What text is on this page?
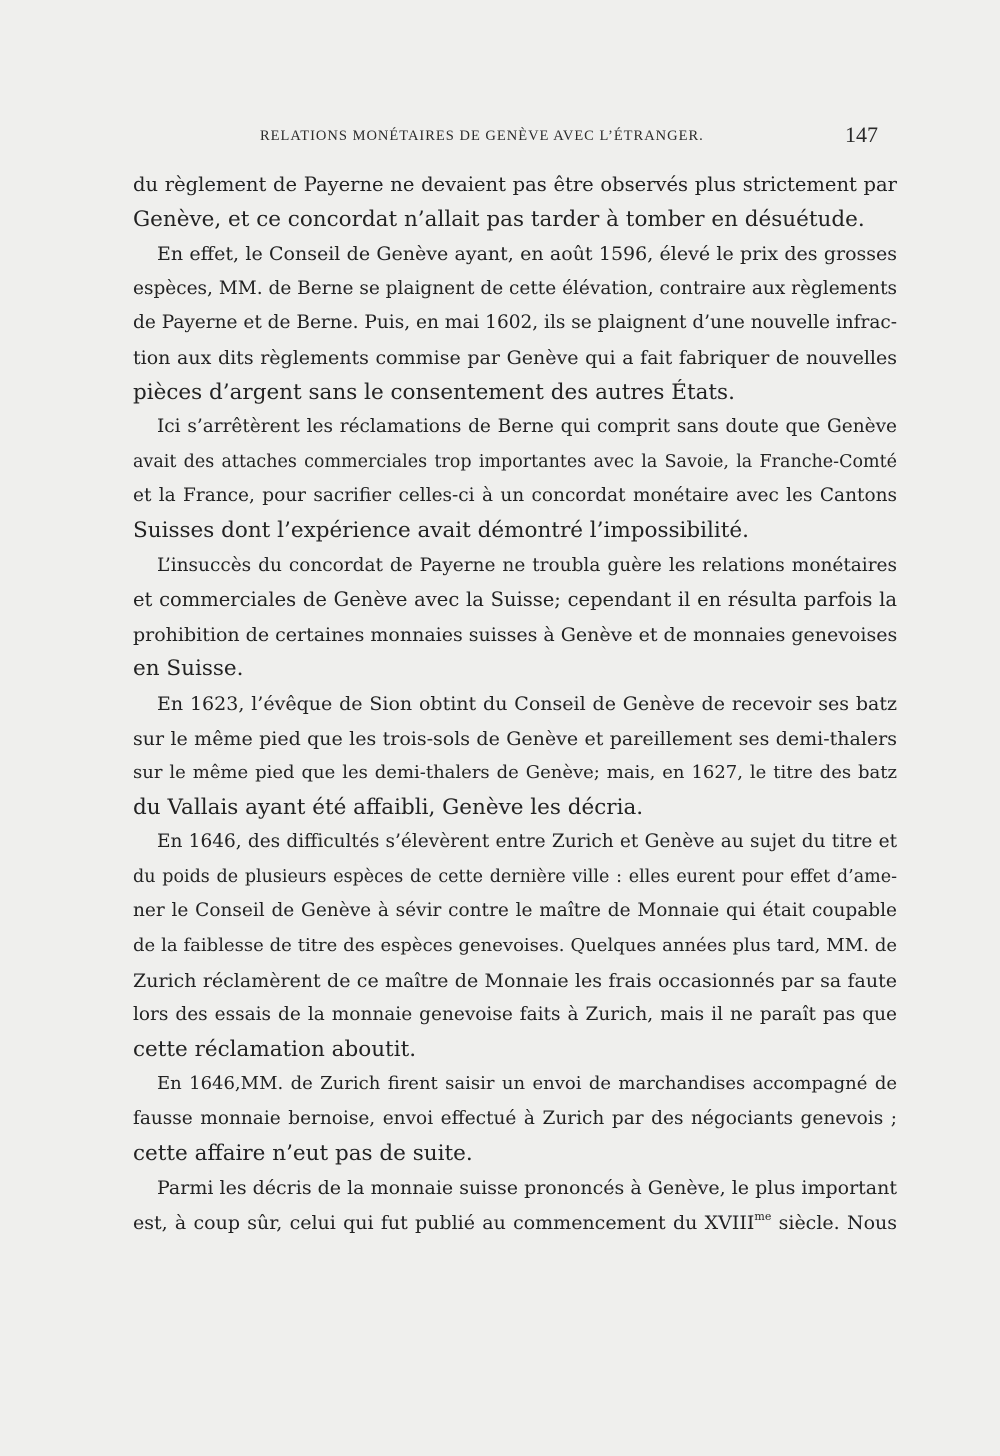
RELATIONS MONÉTAIRES DE GENÈVE AVEC L’ÉTRANGER.	147
du règlement de Payerne ne devaient pas être observés plus strictement par
Genève, et ce concordat n’allait pas tarder à tomber en désuétude.
En effet, le Conseil de Genève ayant, en août 1596, élevé le prix des grosses
espèces, MM. de Berne se plaignent de cette élévation, contraire aux règlements
de Payerne et de Berne. Puis, en mai 1602, ils se plaignent d’une nouvelle infrac-
tion aux dits règlements commise par Genève qui a fait fabriquer de nouvelles
pièces d’argent sans le consentement des autres États.
Ici s’arrêtèrent les réclamations de Berne qui comprit sans doute que Genève
avait des attaches commerciales trop importantes avec la Savoie, la Franche-Comté
et la France, pour sacrifier celles-ci à un concordat monétaire avec les Cantons
Suisses dont l’expérience avait démontré l’impossibilité.
L’insuccès du concordat de Payerne ne troubla guère les relations monétaires
et commerciales de Genève avec la Suisse; cependant il en résulta parfois la
prohibition de certaines monnaies suisses à Genève et de monnaies genevoises
en Suisse.
En 1623, l’évêque de Sion obtint du Conseil de Genève de recevoir ses batz
sur le même pied que les trois-sols de Genève et pareillement ses demi-thalers
sur le même pied que les demi-thalers de Genève; mais, en 1627, le titre des batz
du Vallais ayant été affaibli, Genève les décria.
En 1646, des difficultés s’élevèrent entre Zurich et Genève au sujet du titre et
du poids de plusieurs espèces de cette dernière ville : elles eurent pour effet d’ame-
ner le Conseil de Genève à sévir contre le maître de Monnaie qui était coupable
de la faiblesse de titre des espèces genevoises. Quelques années plus tard, MM. de
Zurich réclamèrent de ce maître de Monnaie les frais occasionnés par sa faute
lors des essais de la monnaie genevoise faits à Zurich, mais il ne paraît pas que
cette réclamation aboutit.
En 1646,MM. de Zurich firent saisir un envoi de marchandises accompagné de
fausse monnaie bernoise, envoi effectué à Zurich par des négociants genevois ;
cette affaire n’eut pas de suite.
Parmi les décris de la monnaie suisse prononcés à Genève, le plus important
est, à coup sûr, celui qui fut publié au commencement du $XVIII^{me}$ siècle. Nous
